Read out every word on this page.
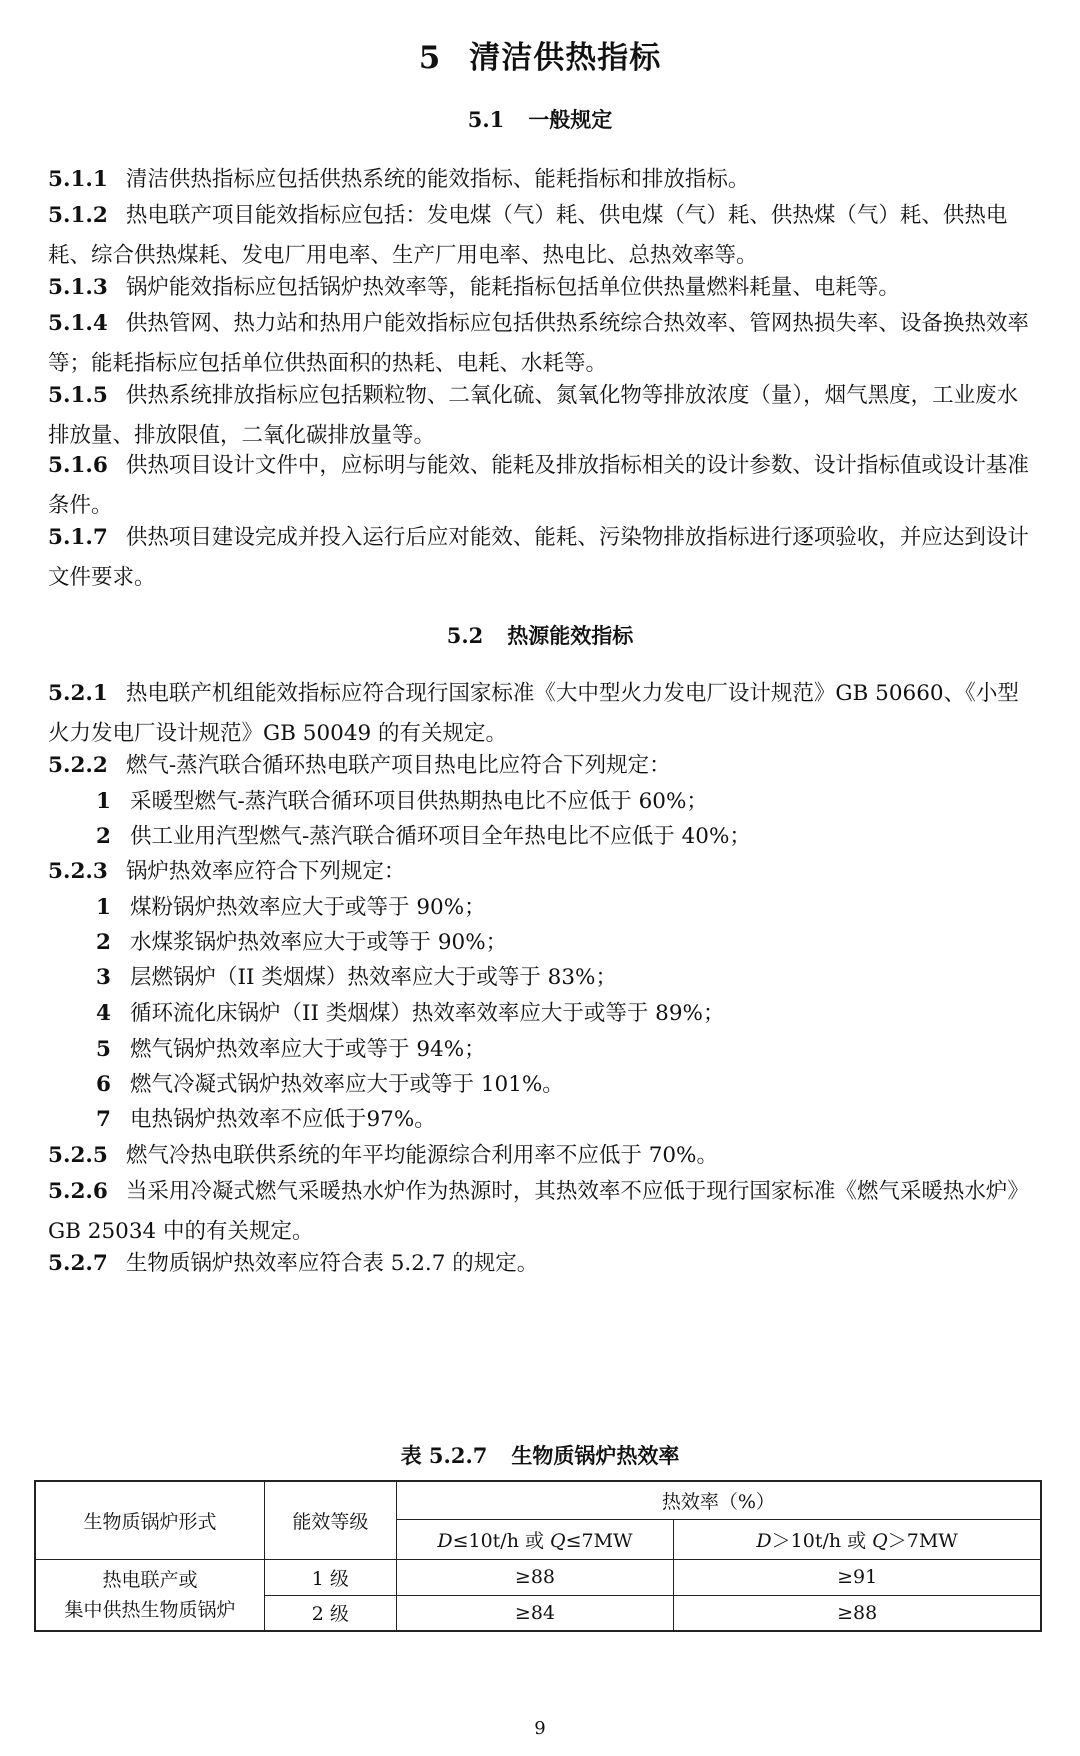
5 清洁供热指标
5.1 一般规定
5.1.1 清洁供热指标应包括供热系统的能效指标、能耗指标和排放指标。
5.1.2 热电联产项目能效指标应包括：发电煤（气）耗、供电煤（气）耗、供热煤（气）耗、供热电耗、综合供热煤耗、发电厂用电率、生产厂用电率、热电比、总热效率等。
5.1.3 锅炉能效指标应包括锅炉热效率等，能耗指标包括单位供热量燃料耗量、电耗等。
5.1.4 供热管网、热力站和热用户能效指标应包括供热系统综合热效率、管网热损失率、设备换热效率等；能耗指标应包括单位供热面积的热耗、电耗、水耗等。
5.1.5 供热系统排放指标应包括颗粒物、二氧化硫、氮氧化物等排放浓度（量），烟气黑度，工业废水排放量、排放限值，二氧化碳排放量等。
5.1.6 供热项目设计文件中，应标明与能效、能耗及排放指标相关的设计参数、设计指标值或设计基准条件。
5.1.7 供热项目建设完成并投入运行后应对能效、能耗、污染物排放指标进行逐项验收，并应达到设计文件要求。
5.2 热源能效指标
5.2.1 热电联产机组能效指标应符合现行国家标准《大中型火力发电厂设计规范》GB 50660、《小型火力发电厂设计规范》GB 50049 的有关规定。
5.2.2 燃气-蒸汽联合循环热电联产项目热电比应符合下列规定：
1 采暖型燃气-蒸汽联合循环项目供热期热电比不应低于 60%；
2 供工业用汽型燃气-蒸汽联合循环项目全年热电比不应低于 40%；
5.2.3 锅炉热效率应符合下列规定：
1 煤粉锅炉热效率应大于或等于 90%；
2 水煤浆锅炉热效率应大于或等于 90%；
3 层燃锅炉（II 类烟煤）热效率应大于或等于 83%；
4 循环流化床锅炉（II 类烟煤）热效率效率应大于或等于 89%；
5 燃气锅炉热效率应大于或等于 94%；
6 燃气冷凝式锅炉热效率应大于或等于 101%。
7 电热锅炉热效率不应低于97%。
5.2.5 燃气冷热电联供系统的年平均能源综合利用率不应低于 70%。
5.2.6 当采用冷凝式燃气采暖热水炉作为热源时，其热效率不应低于现行国家标准《燃气采暖热水炉》GB 25034 中的有关规定。
5.2.7 生物质锅炉热效率应符合表 5.2.7 的规定。
表 5.2.7 生物质锅炉热效率
生物质锅炉形式	能效等级	热效率（%）	
		D≤10t/h 或 Q≤7MW	D＞10t/h 或 Q＞7MW

热电联产或
集中供热生物质锅炉	1 级	≥88	≥91
	2 级	≥84	≥88
9
